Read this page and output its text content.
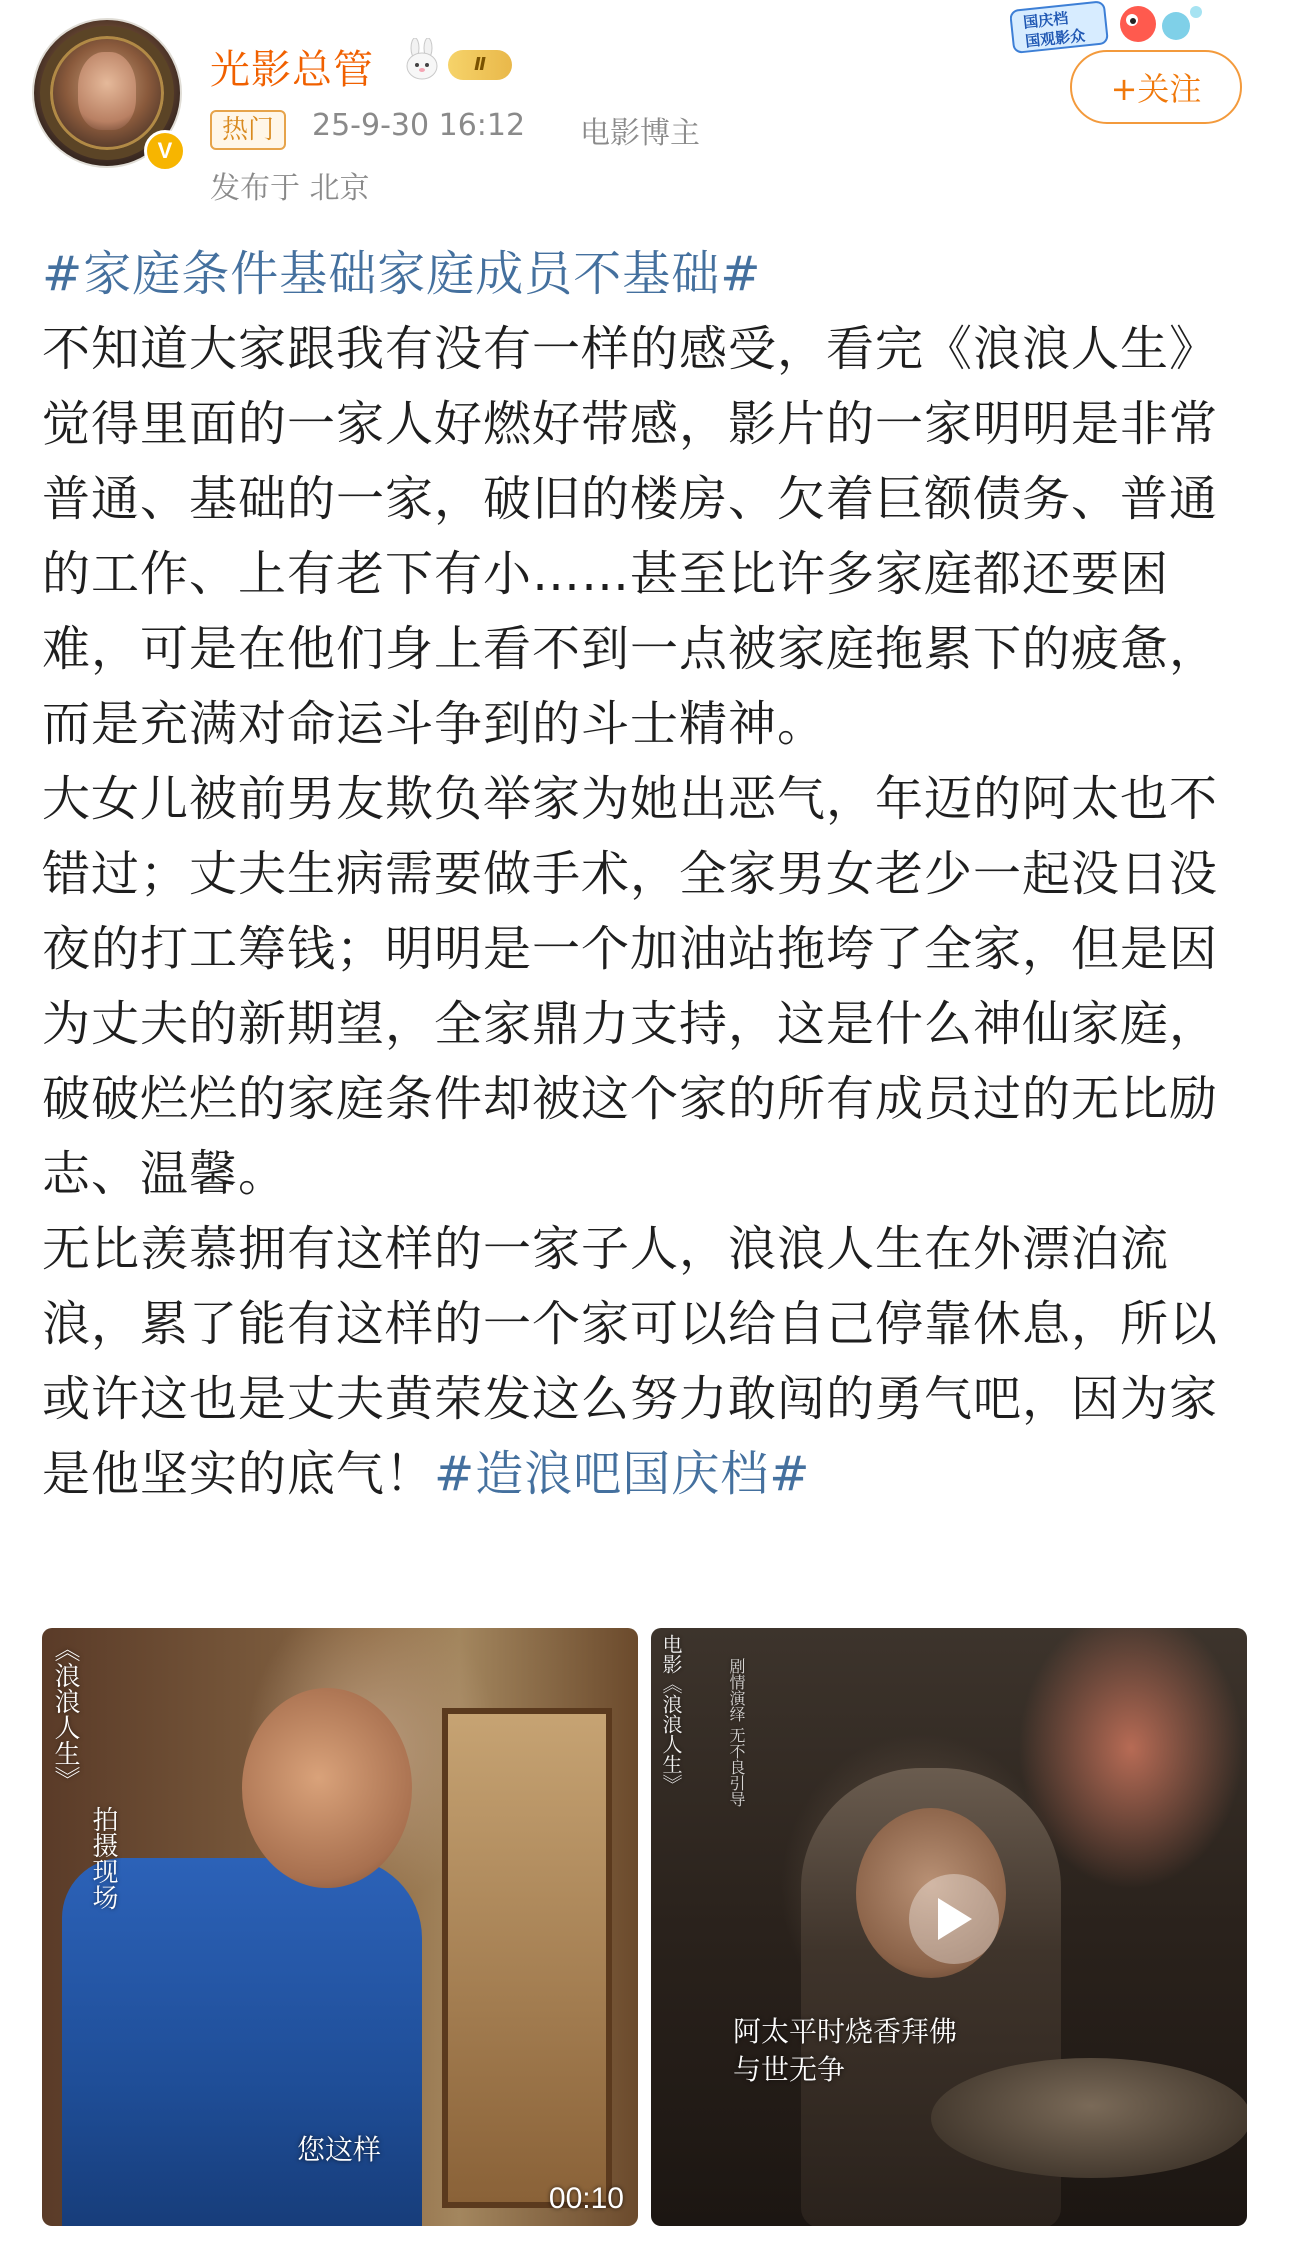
V
光影总管	Ⅱ
热门	25-9-30 16:12 电影博主
发布于 北京
国庆档
国观影众
+关注

#家庭条件基础家庭成员不基础#

不知道大家跟我有没有一样的感受，看完《浪浪人生》觉得里面的一家人好燃好带感，影片的一家明明是非常普通、基础的一家，破旧的楼房、欠着巨额债务、普通的工作、上有老下有小……甚至比许多家庭都还要困难，可是在他们身上看不到一点被家庭拖累下的疲惫，而是充满对命运斗争到的斗士精神。

大女儿被前男友欺负举家为她出恶气，年迈的阿太也不错过；丈夫生病需要做手术，全家男女老少一起没日没夜的打工筹钱；明明是一个加油站拖垮了全家，但是因为丈夫的新期望，全家鼎力支持，这是什么神仙家庭，破破烂烂的家庭条件却被这个家的所有成员过的无比励志、温馨。

无比羡慕拥有这样的一家子人，浪浪人生在外漂泊流浪，累了能有这样的一个家可以给自己停靠休息，所以或许这也是丈夫黄荣发这么努力敢闯的勇气吧，因为家是他坚实的底气！#造浪吧国庆档#

《浪浪人生》
拍摄现场
您这样
00:10
电影《浪浪人生》	剧情演绎 无不良引导
阿太平时烧香拜佛
与世无争
